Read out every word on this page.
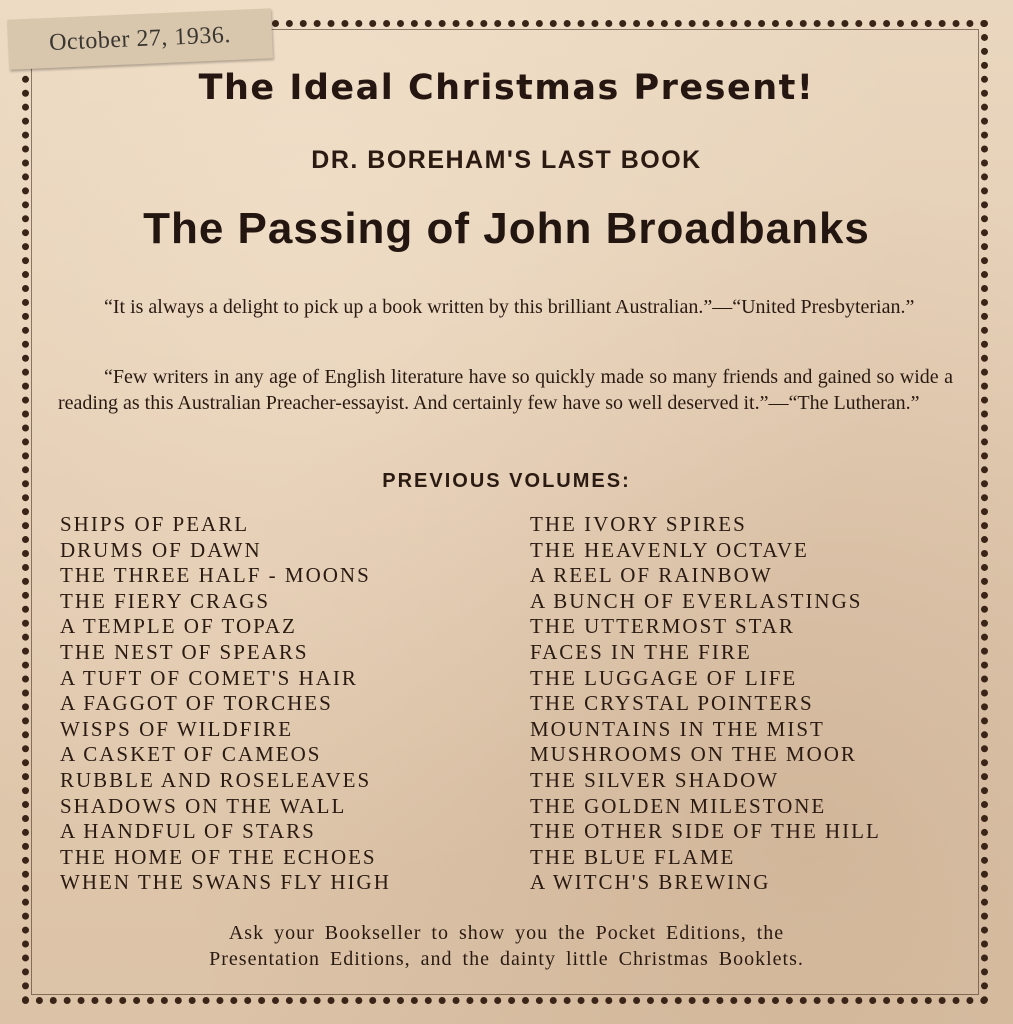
October 27, 1936.
The Ideal Christmas Present!
DR. BOREHAM'S LAST BOOK
The Passing of John Broadbanks

“It is always a delight to pick up a book written by this brilliant Australian.”—“United Presbyterian.”

“Few writers in any age of English literature have so quickly made so many friends and gained so wide a reading as this Australian Preacher-essayist. And certainly few have so well deserved it.”—“The Lutheran.”

PREVIOUS VOLUMES:
SHIPS OF PEARL
DRUMS OF DAWN
THE THREE HALF - MOONS
THE FIERY CRAGS
A TEMPLE OF TOPAZ
THE NEST OF SPEARS
A TUFT OF COMET'S HAIR
A FAGGOT OF TORCHES
WISPS OF WILDFIRE
A CASKET OF CAMEOS
RUBBLE AND ROSELEAVES
SHADOWS ON THE WALL
A HANDFUL OF STARS
THE HOME OF THE ECHOES
WHEN THE SWANS FLY HIGH
THE IVORY SPIRES
THE HEAVENLY OCTAVE
A REEL OF RAINBOW
A BUNCH OF EVERLASTINGS
THE UTTERMOST STAR
FACES IN THE FIRE
THE LUGGAGE OF LIFE
THE CRYSTAL POINTERS
MOUNTAINS IN THE MIST
MUSHROOMS ON THE MOOR
THE SILVER SHADOW
THE GOLDEN MILESTONE
THE OTHER SIDE OF THE HILL
THE BLUE FLAME
A WITCH'S BREWING

Ask your Bookseller to show you the Pocket Editions, the
Presentation Editions, and the dainty little Christmas Booklets.
